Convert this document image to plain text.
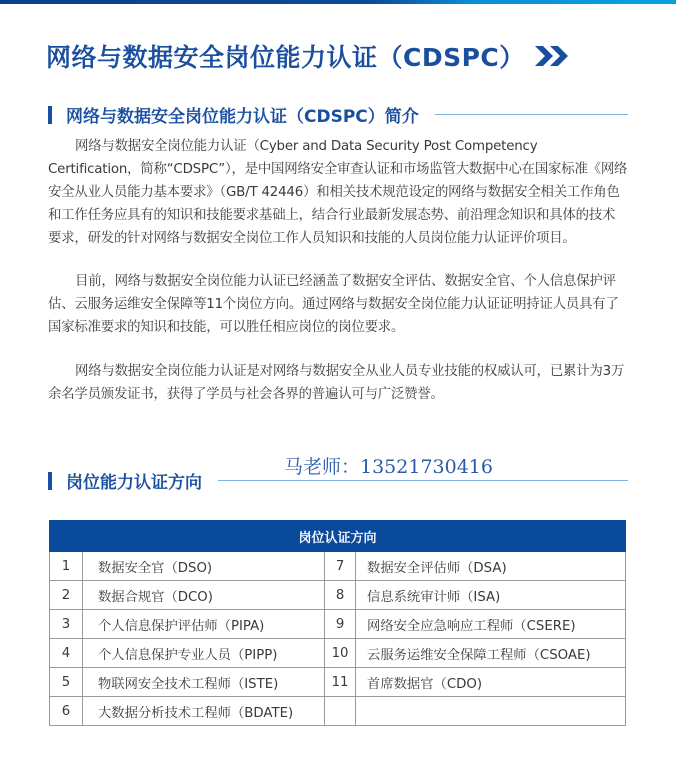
网络与数据安全岗位能力认证（CDSPC）
网络与数据安全岗位能力认证（CDSPC）简介

网络与数据安全岗位能力认证（Cyber and Data Security Post Competency Certification，简称“CDSPC”），是中国网络安全审查认证和市场监管大数据中心在国家标准《网络安全从业人员能力基本要求》（GB/T 42446）和相关技术规范设定的网络与数据安全相关工作角色和工作任务应具有的知识和技能要求基础上，结合行业最新发展态势、前沿理念知识和具体的技术要求，研发的针对网络与数据安全岗位工作人员知识和技能的人员岗位能力认证评价项目。

目前，网络与数据安全岗位能力认证已经涵盖了数据安全评估、数据安全官、个人信息保护评估、云服务运维安全保障等11个岗位方向。通过网络与数据安全岗位能力认证证明持证人员具有了国家标准要求的知识和技能，可以胜任相应岗位的岗位要求。

网络与数据安全岗位能力认证是对网络与数据安全从业人员专业技能的权威认可，已累计为3万余名学员颁发证书，获得了学员与社会各界的普遍认可与广泛赞誉。

岗位能力认证方向
马老师：13521730416
岗位认证方向			
1	数据安全官（DSO)	7	数据安全评估师（DSA)
2	数据合规官（DCO)	8	信息系统审计师（ISA)
3	个人信息保护评估师（PIPA)	9	网络安全应急响应工程师（CSERE)
4	个人信息保护专业人员（PIPP)	10	云服务运维安全保障工程师（CSOAE)
5	物联网安全技术工程师（ISTE)	11	首席数据官（CDO)
6	大数据分析技术工程师（BDATE)		
